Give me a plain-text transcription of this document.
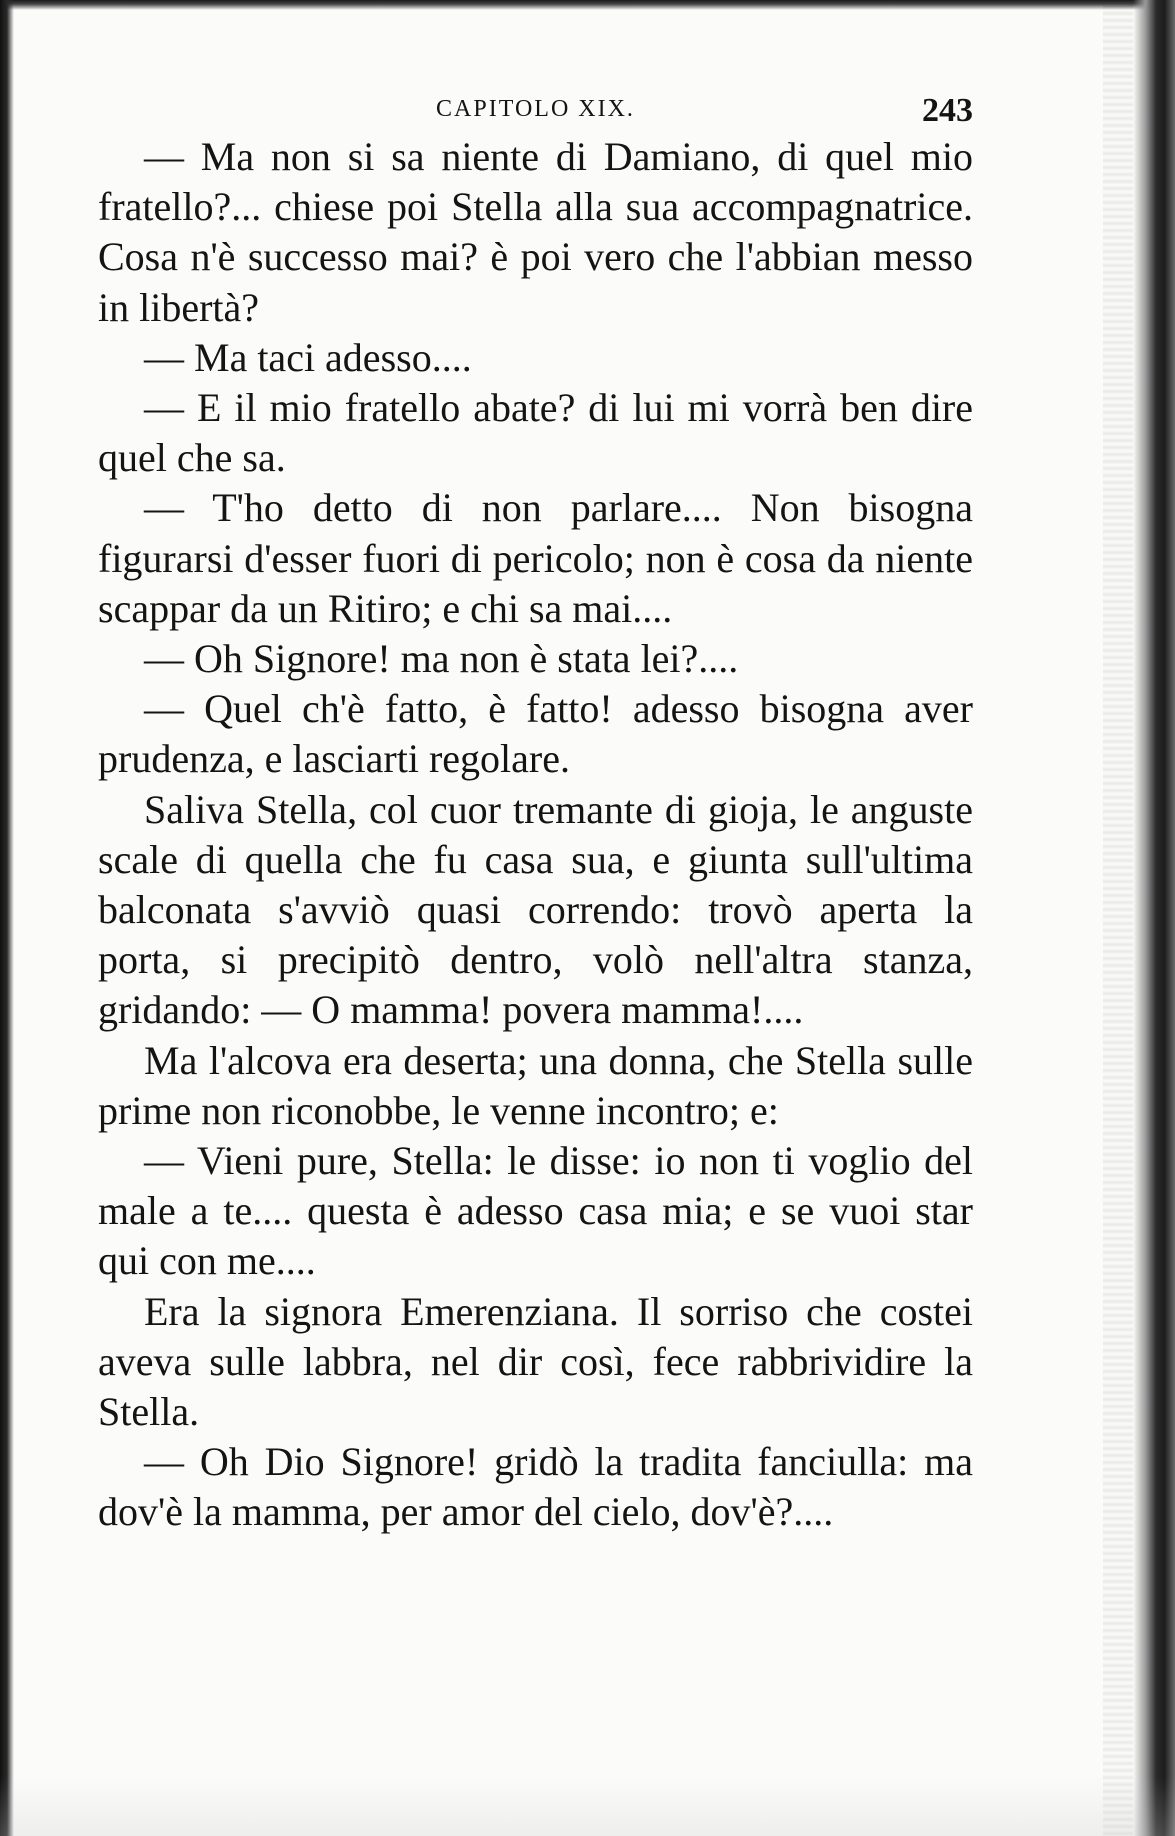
CAPITOLO XIX.	243

— Ma non si sa niente di Damiano, di quel mio fratello?... chiese poi Stella alla sua accompagnatrice. Cosa n'è successo mai? è poi vero che l'abbian messo in libertà?

— Ma taci adesso....

— E il mio fratello abate? di lui mi vorrà ben dire quel che sa.

— T'ho detto di non parlare.... Non bisogna figurarsi d'esser fuori di pericolo; non è cosa da niente scappar da un Ritiro; e chi sa mai....

— Oh Signore! ma non è stata lei?....

— Quel ch'è fatto, è fatto! adesso bisogna aver prudenza, e lasciarti regolare.

Saliva Stella, col cuor tremante di gioja, le anguste scale di quella che fu casa sua, e giunta sull'ultima balconata s'avviò quasi correndo: trovò aperta la porta, si precipitò dentro, volò nell'altra stanza, gridando: — O mamma! povera mamma!....

Ma l'alcova era deserta; una donna, che Stella sulle prime non riconobbe, le venne incontro; e:

— Vieni pure, Stella: le disse: io non ti voglio del male a te.... questa è adesso casa mia; e se vuoi star qui con me....

Era la signora Emerenziana. Il sorriso che costei aveva sulle labbra, nel dir così, fece rabbrividire la Stella.

— Oh Dio Signore! gridò la tradita fanciulla: ma dov'è la mamma, per amor del cielo, dov'è?....
